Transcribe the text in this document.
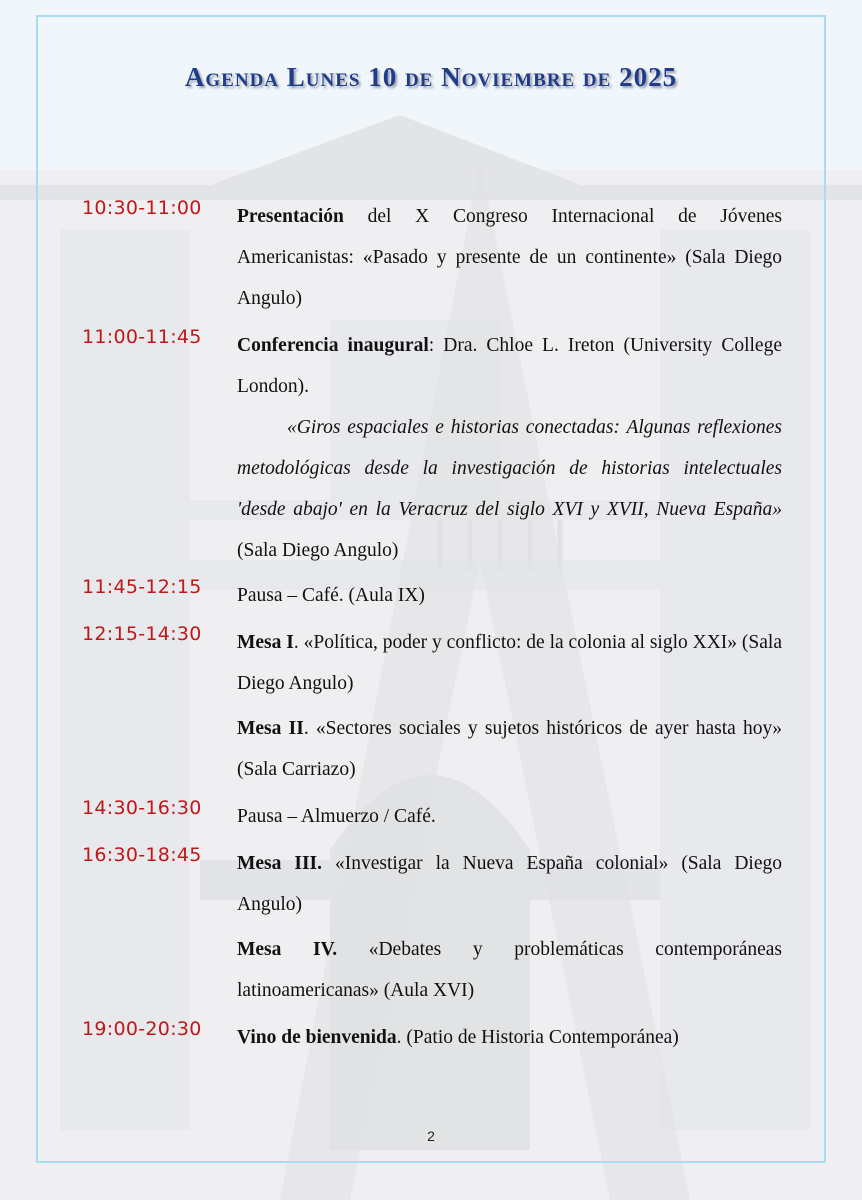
Agenda Lunes 10 de Noviembre de 2025
10:30-11:00 Presentación del X Congreso Internacional de Jóvenes Americanistas: «Pasado y presente de un continente» (Sala Diego Angulo)
11:00-11:45 Conferencia inaugural: Dra. Chloe L. Ireton (University College London).
«Giros espaciales e historias conectadas: Algunas reflexiones metodológicas desde la investigación de historias intelectuales 'desde abajo' en la Veracruz del siglo XVI y XVII, Nueva España» (Sala Diego Angulo)
11:45-12:15 Pausa – Café. (Aula IX)
12:15-14:30 Mesa I. «Política, poder y conflicto: de la colonia al siglo XXI» (Sala Diego Angulo)
Mesa II. «Sectores sociales y sujetos históricos de ayer hasta hoy» (Sala Carriazo)
14:30-16:30 Pausa – Almuerzo / Café.
16:30-18:45 Mesa III. «Investigar la Nueva España colonial» (Sala Diego Angulo)
Mesa IV. «Debates y problemáticas contemporáneas latinoamericanas» (Aula XVI)
19:00-20:30 Vino de bienvenida. (Patio de Historia Contemporánea)
2
